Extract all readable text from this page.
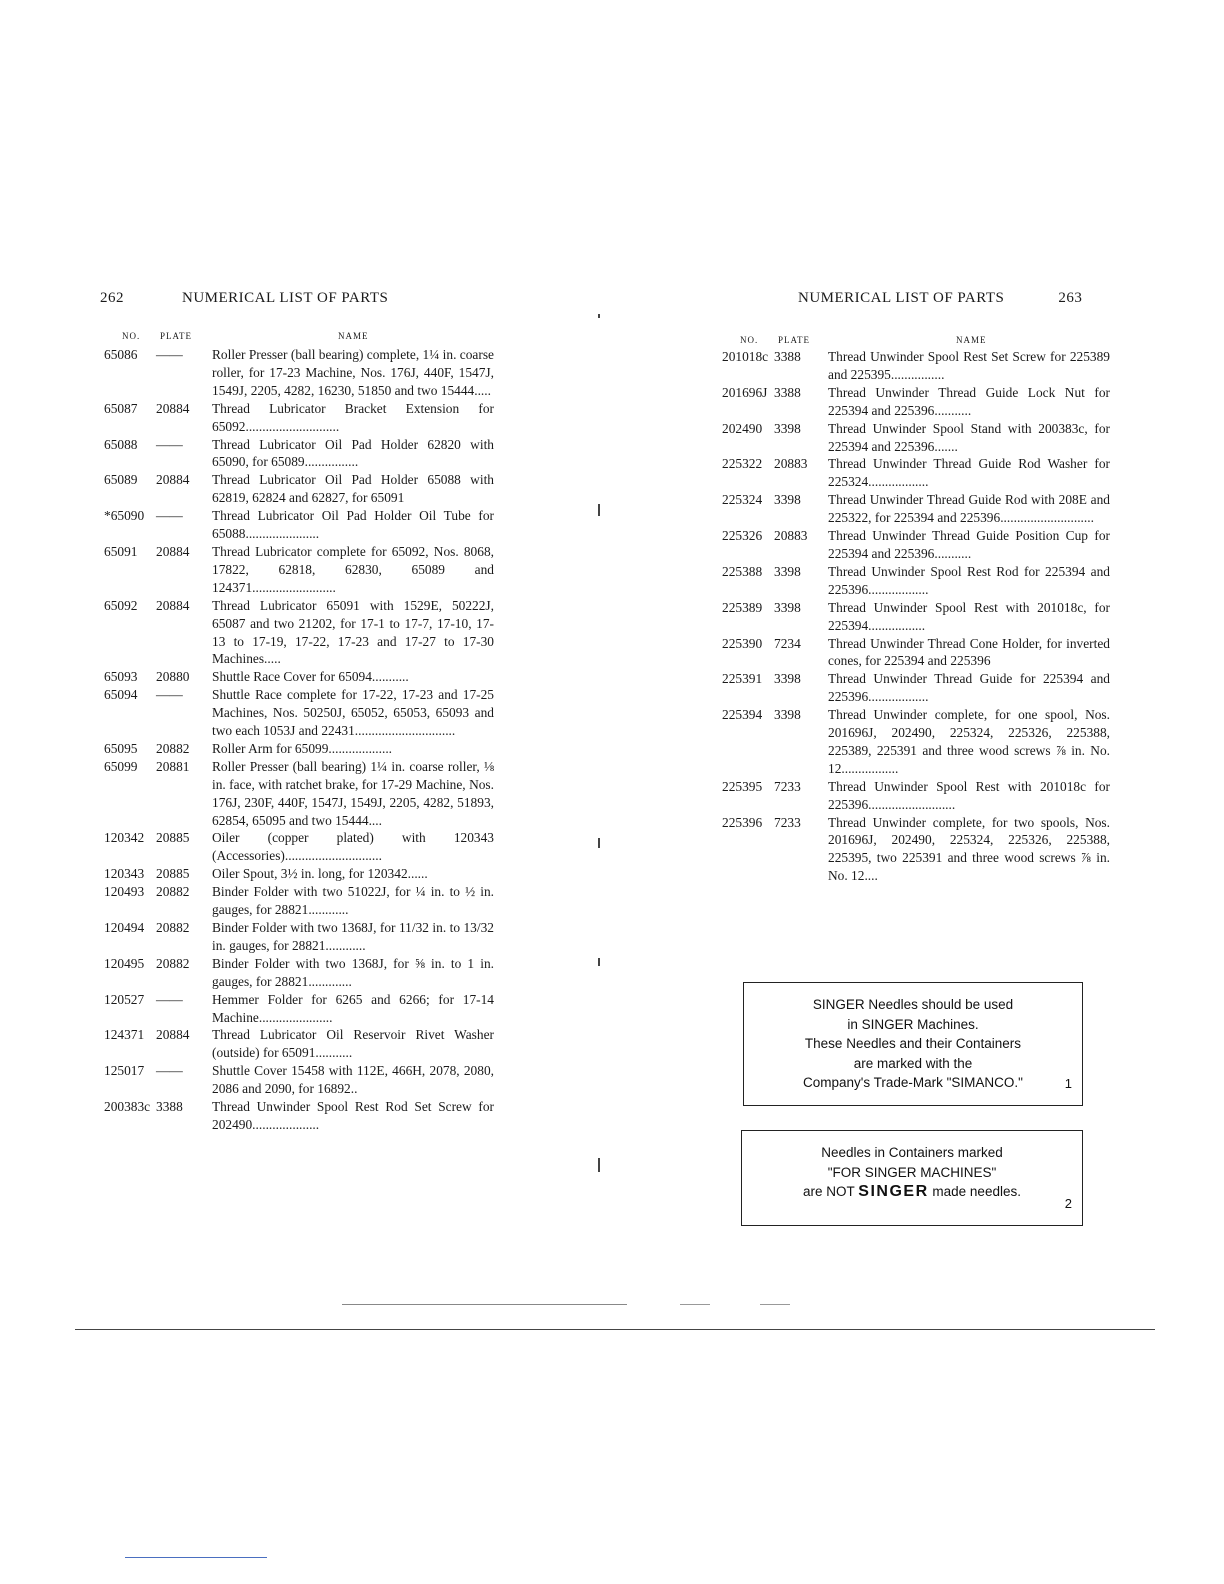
262	NUMERICAL LIST OF PARTS
NO. PLATE	NAME
65086 —— Roller Presser (ball bearing) complete, 1¼ in. coarse roller, for 17-23 Machine, Nos. 176J, 440F, 1547J, 1549J, 2205, 4282, 16230, 51850 and two 15444.....
65087 20884 Thread Lubricator Bracket Extension for 65092............................
65088 —— Thread Lubricator Oil Pad Holder 62820 with 65090, for 65089................
65089 20884 Thread Lubricator Oil Pad Holder 65088 with 62819, 62824 and 62827, for 65091
*65090 —— Thread Lubricator Oil Pad Holder Oil Tube for 65088......................
65091 20884 Thread Lubricator complete for 65092, Nos. 8068, 17822, 62818, 62830, 65089 and 124371.........................
65092 20884 Thread Lubricator 65091 with 1529E, 50222J, 65087 and two 21202, for 17-1 to 17-7, 17-10, 17-13 to 17-19, 17-22, 17-23 and 17-27 to 17-30 Machines.....
65093 20880 Shuttle Race Cover for 65094...........
65094 —— Shuttle Race complete for 17-22, 17-23 and 17-25 Machines, Nos. 50250J, 65052, 65053, 65093 and two each 1053J and 22431..............................
65095 20882 Roller Arm for 65099...................
65099 20881 Roller Presser (ball bearing) 1¼ in. coarse roller, ⅛ in. face, with ratchet brake, for 17-29 Machine, Nos. 176J, 230F, 440F, 1547J, 1549J, 2205, 4282, 51893, 62854, 65095 and two 15444....
120342 20885 Oiler (copper plated) with 120343 (Accessories).............................
120343 20885 Oiler Spout, 3½ in. long, for 120342......
120493 20882 Binder Folder with two 51022J, for ¼ in. to ½ in. gauges, for 28821............
120494 20882 Binder Folder with two 1368J, for 11/32 in. to 13/32 in. gauges, for 28821............
120495 20882 Binder Folder with two 1368J, for ⅝ in. to 1 in. gauges, for 28821.............
120527 —— Hemmer Folder for 6265 and 6266; for 17-14 Machine......................
124371 20884 Thread Lubricator Oil Reservoir Rivet Washer (outside) for 65091...........
125017 —— Shuttle Cover 15458 with 112E, 466H, 2078, 2080, 2086 and 2090, for 16892..
200383c 3388 Thread Unwinder Spool Rest Rod Set Screw for 202490....................
NUMERICAL LIST OF PARTS	263
NO. PLATE	NAME
201018c 3388 Thread Unwinder Spool Rest Set Screw for 225389 and 225395................
201696J 3388 Thread Unwinder Thread Guide Lock Nut for 225394 and 225396...........
202490 3398 Thread Unwinder Spool Stand with 200383c, for 225394 and 225396.......
225322 20883 Thread Unwinder Thread Guide Rod Washer for 225324..................
225324 3398 Thread Unwinder Thread Guide Rod with 208E and 225322, for 225394 and 225396............................
225326 20883 Thread Unwinder Thread Guide Position Cup for 225394 and 225396...........
225388 3398 Thread Unwinder Spool Rest Rod for 225394 and 225396..................
225389 3398 Thread Unwinder Spool Rest with 201018c, for 225394.................
225390 7234 Thread Unwinder Thread Cone Holder, for inverted cones, for 225394 and 225396
225391 3398 Thread Unwinder Thread Guide for 225394 and 225396..................
225394 3398 Thread Unwinder complete, for one spool, Nos. 201696J, 202490, 225324, 225326, 225388, 225389, 225391 and three wood screws ⅞ in. No. 12.................
225395 7233 Thread Unwinder Spool Rest with 201018c for 225396..........................
225396 7233 Thread Unwinder complete, for two spools, Nos. 201696J, 202490, 225324, 225326, 225388, 225395, two 225391 and three wood screws ⅞ in. No. 12....
SINGER Needles should be used
in SINGER Machines.
These Needles and their Containers
are marked with the
Company's Trade-Mark "SIMANCO."	1
Needles in Containers marked
"FOR SINGER MACHINES"
are NOT SINGER made needles.
2
